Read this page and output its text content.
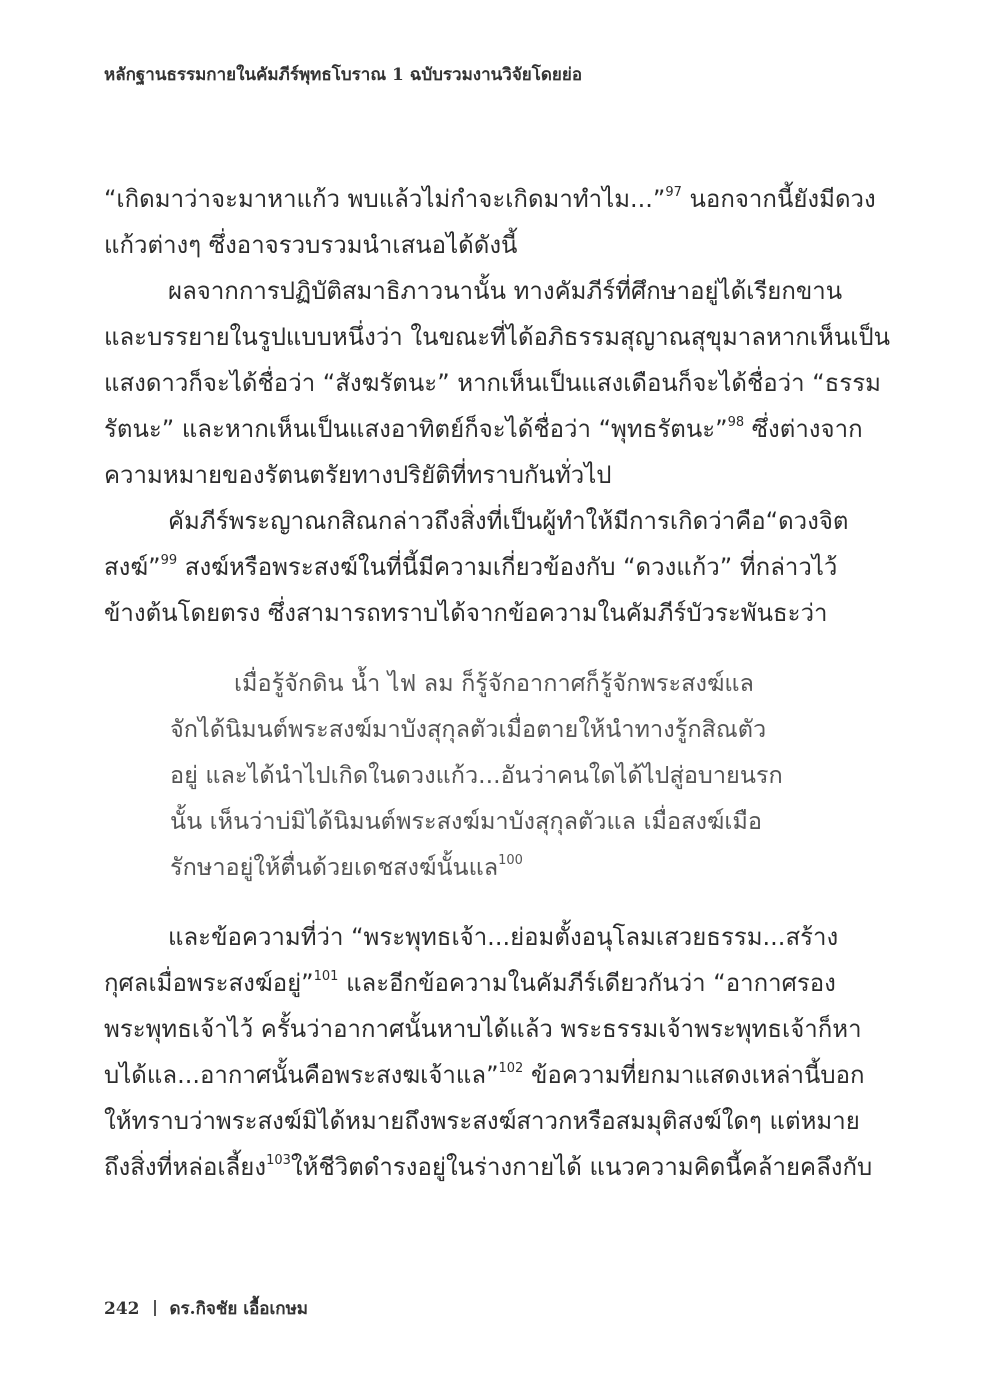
หลักฐานธรรมกายในคัมภีร์พุทธโบราณ 1 ฉบับรวมงานวิจัยโดยย่อ

“เกิดมาว่าจะมาหาแก้ว พบแล้วไม่กำจะเกิดมาทำไม...”$^{97}$ นอกจากนี้ยังมีดวง
แก้วต่างๆ ซึ่งอาจรวบรวมนำเสนอได้ดังนี้

ผลจากการปฏิบัติสมาธิภาวนานั้น ทางคัมภีร์ที่ศึกษาอยู่ได้เรียกขาน
และบรรยายในรูปแบบหนึ่งว่า ในขณะที่ได้อภิธรรมสุญาณสุขุมาลหากเห็นเป็น
แสงดาวก็จะได้ชื่อว่า “สังฆรัตนะ” หากเห็นเป็นแสงเดือนก็จะได้ชื่อว่า “ธรรม
รัตนะ” และหากเห็นเป็นแสงอาทิตย์ก็จะได้ชื่อว่า “พุทธรัตนะ”$^{98}$ ซึ่งต่างจาก
ความหมายของรัตนตรัยทางปริยัติที่ทราบกันทั่วไป

คัมภีร์พระญาณกสิณกล่าวถึงสิ่งที่เป็นผู้ทำให้มีการเกิดว่าคือ“ดวงจิต
สงฆ์”$^{99}$ สงฆ์หรือพระสงฆ์ในที่นี้มีความเกี่ยวข้องกับ “ดวงแก้ว” ที่กล่าวไว้
ข้างต้นโดยตรง ซึ่งสามารถทราบได้จากข้อความในคัมภีร์บัวระพันธะว่า

เมื่อรู้จักดิน น้ำ ไฟ ลม ก็รู้จักอากาศก็รู้จักพระสงฆ์แล
จักได้นิมนต์พระสงฆ์มาบังสุกุลตัวเมื่อตายให้นำทางรู้กสิณตัว
อยู่ และได้นำไปเกิดในดวงแก้ว...อันว่าคนใดได้ไปสู่อบายนรก
นั้น เห็นว่าบ่มิได้นิมนต์พระสงฆ์มาบังสุกุลตัวแล เมื่อสงฆ์เมือ
รักษาอยู่ให้ตื่นด้วยเดชสงฆ์นั้นแล$^{100}$

และข้อความที่ว่า “พระพุทธเจ้า...ย่อมตั้งอนุโลมเสวยธรรม...สร้าง
กุศลเมื่อพระสงฆ์อยู่”$^{101}$ และอีกข้อความในคัมภีร์เดียวกันว่า “อากาศรอง
พระพุทธเจ้าไว้ ครั้นว่าอากาศนั้นหาบได้แล้ว พระธรรมเจ้าพระพุทธเจ้าก็หา
บได้แล...อากาศนั้นคือพระสงฆเจ้าแล”$^{102}$ ข้อความที่ยกมาแสดงเหล่านี้บอก
ให้ทราบว่าพระสงฆ์มิได้หมายถึงพระสงฆ์สาวกหรือสมมุติสงฆ์ใดๆ แต่หมาย
ถึงสิ่งที่หล่อเลี้ยง$^{103}$ให้ชีวิตดำรงอยู่ในร่างกายได้ แนวความคิดนี้คล้ายคลึงกับ

242 ดร.กิจชัย เอื้อเกษม
